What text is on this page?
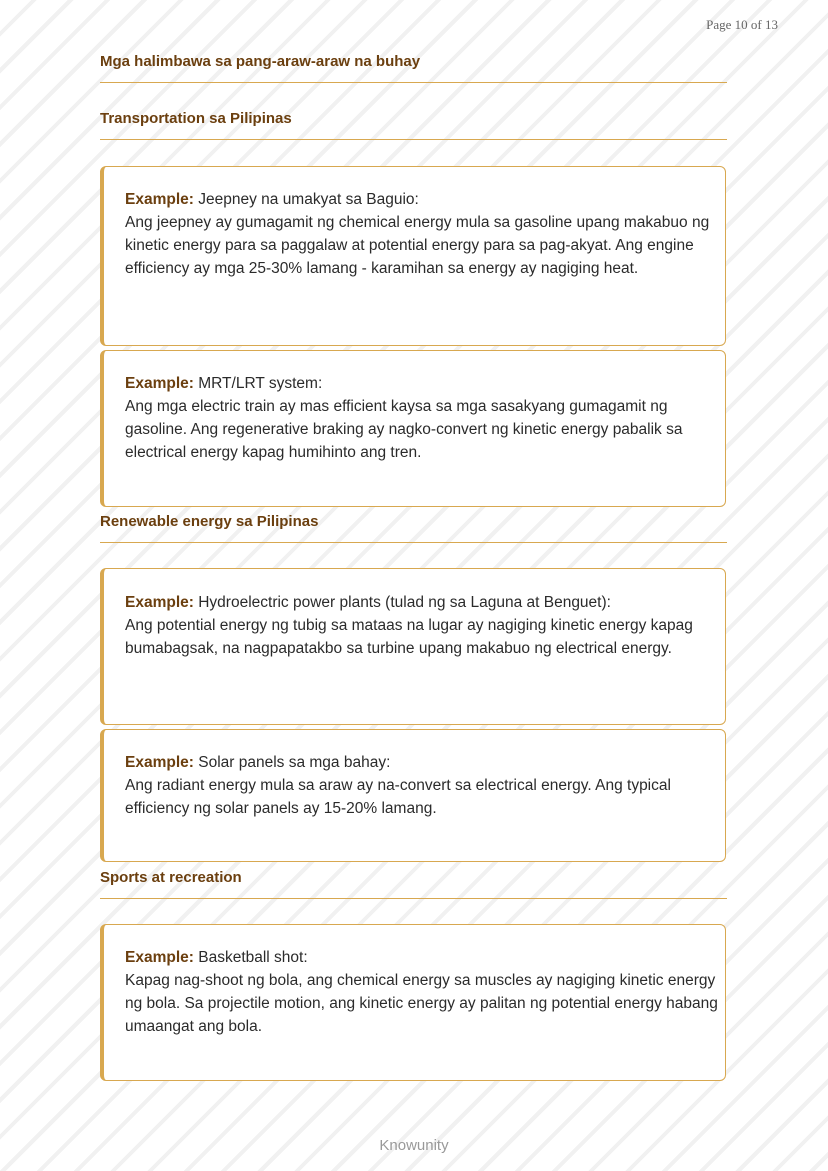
Page 10 of 13
Mga halimbawa sa pang-araw-araw na buhay
Transportation sa Pilipinas
Example: Jeepney na umakyat sa Baguio:
Ang jeepney ay gumagamit ng chemical energy mula sa gasoline upang makabuo ng kinetic energy para sa paggalaw at potential energy para sa pag-akyat. Ang engine efficiency ay mga 25-30% lamang - karamihan sa energy ay nagiging heat.
Example: MRT/LRT system:
Ang mga electric train ay mas efficient kaysa sa mga sasakyang gumagamit ng gasoline. Ang regenerative braking ay nagko-convert ng kinetic energy pabalik sa electrical energy kapag humihinto ang tren.
Renewable energy sa Pilipinas
Example: Hydroelectric power plants (tulad ng sa Laguna at Benguet):
Ang potential energy ng tubig sa mataas na lugar ay nagiging kinetic energy kapag bumabagsak, na nagpapatakbo sa turbine upang makabuo ng electrical energy.
Example: Solar panels sa mga bahay:
Ang radiant energy mula sa araw ay na-convert sa electrical energy. Ang typical efficiency ng solar panels ay 15-20% lamang.
Sports at recreation
Example: Basketball shot:
Kapag nag-shoot ng bola, ang chemical energy sa muscles ay nagiging kinetic energy ng bola. Sa projectile motion, ang kinetic energy ay palitan ng potential energy habang umaangat ang bola.
Knowunity
